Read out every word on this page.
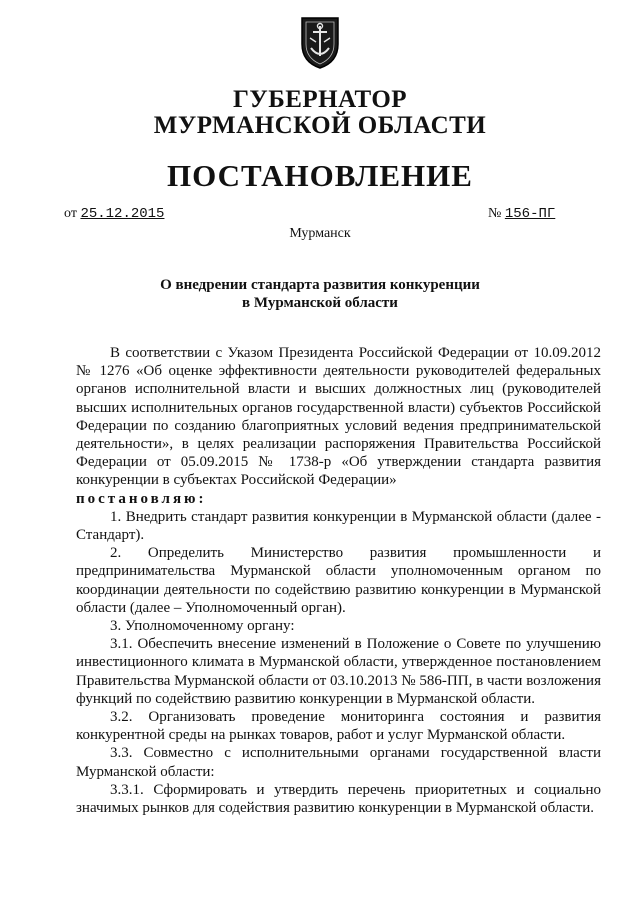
ГУБЕРНАТОР
МУРМАНСКОЙ ОБЛАСТИ
ПОСТАНОВЛЕНИЕ
от 25.12.2015	№ 156-ПГ
Мурманск
О внедрении стандарта развития конкуренции
в Мурманской области

В соответствии с Указом Президента Российской Федерации от 10.09.2012 № 1276 «Об оценке эффективности деятельности руководителей федеральных органов исполнительной власти и высших должностных лиц (руководителей высших исполнительных органов государственной власти) субъектов Российской Федерации по созданию благоприятных условий ведения предпринимательской деятельности», в целях реализации распоряжения Правительства Российской Федерации от 05.09.2015 № 1738-р «Об утверждении стандарта развития конкуренции в субъектах Российской Федерации»

постановляю:

1. Внедрить стандарт развития конкуренции в Мурманской области (далее - Стандарт).

2. Определить Министерство развития промышленности и предпринимательства Мурманской области уполномоченным органом по координации деятельности по содействию развитию конкуренции в Мурманской области (далее – Уполномоченный орган).

3. Уполномоченному органу:

3.1. Обеспечить внесение изменений в Положение о Совете по улучшению инвестиционного климата в Мурманской области, утвержденное постановлением Правительства Мурманской области от 03.10.2013 № 586-ПП, в части возложения функций по содействию развитию конкуренции в Мурманской области.

3.2. Организовать проведение мониторинга состояния и развития конкурентной среды на рынках товаров, работ и услуг Мурманской области.

3.3. Совместно с исполнительными органами государственной власти Мурманской области:

3.3.1. Сформировать и утвердить перечень приоритетных и социально значимых рынков для содействия развитию конкуренции в Мурманской области.
